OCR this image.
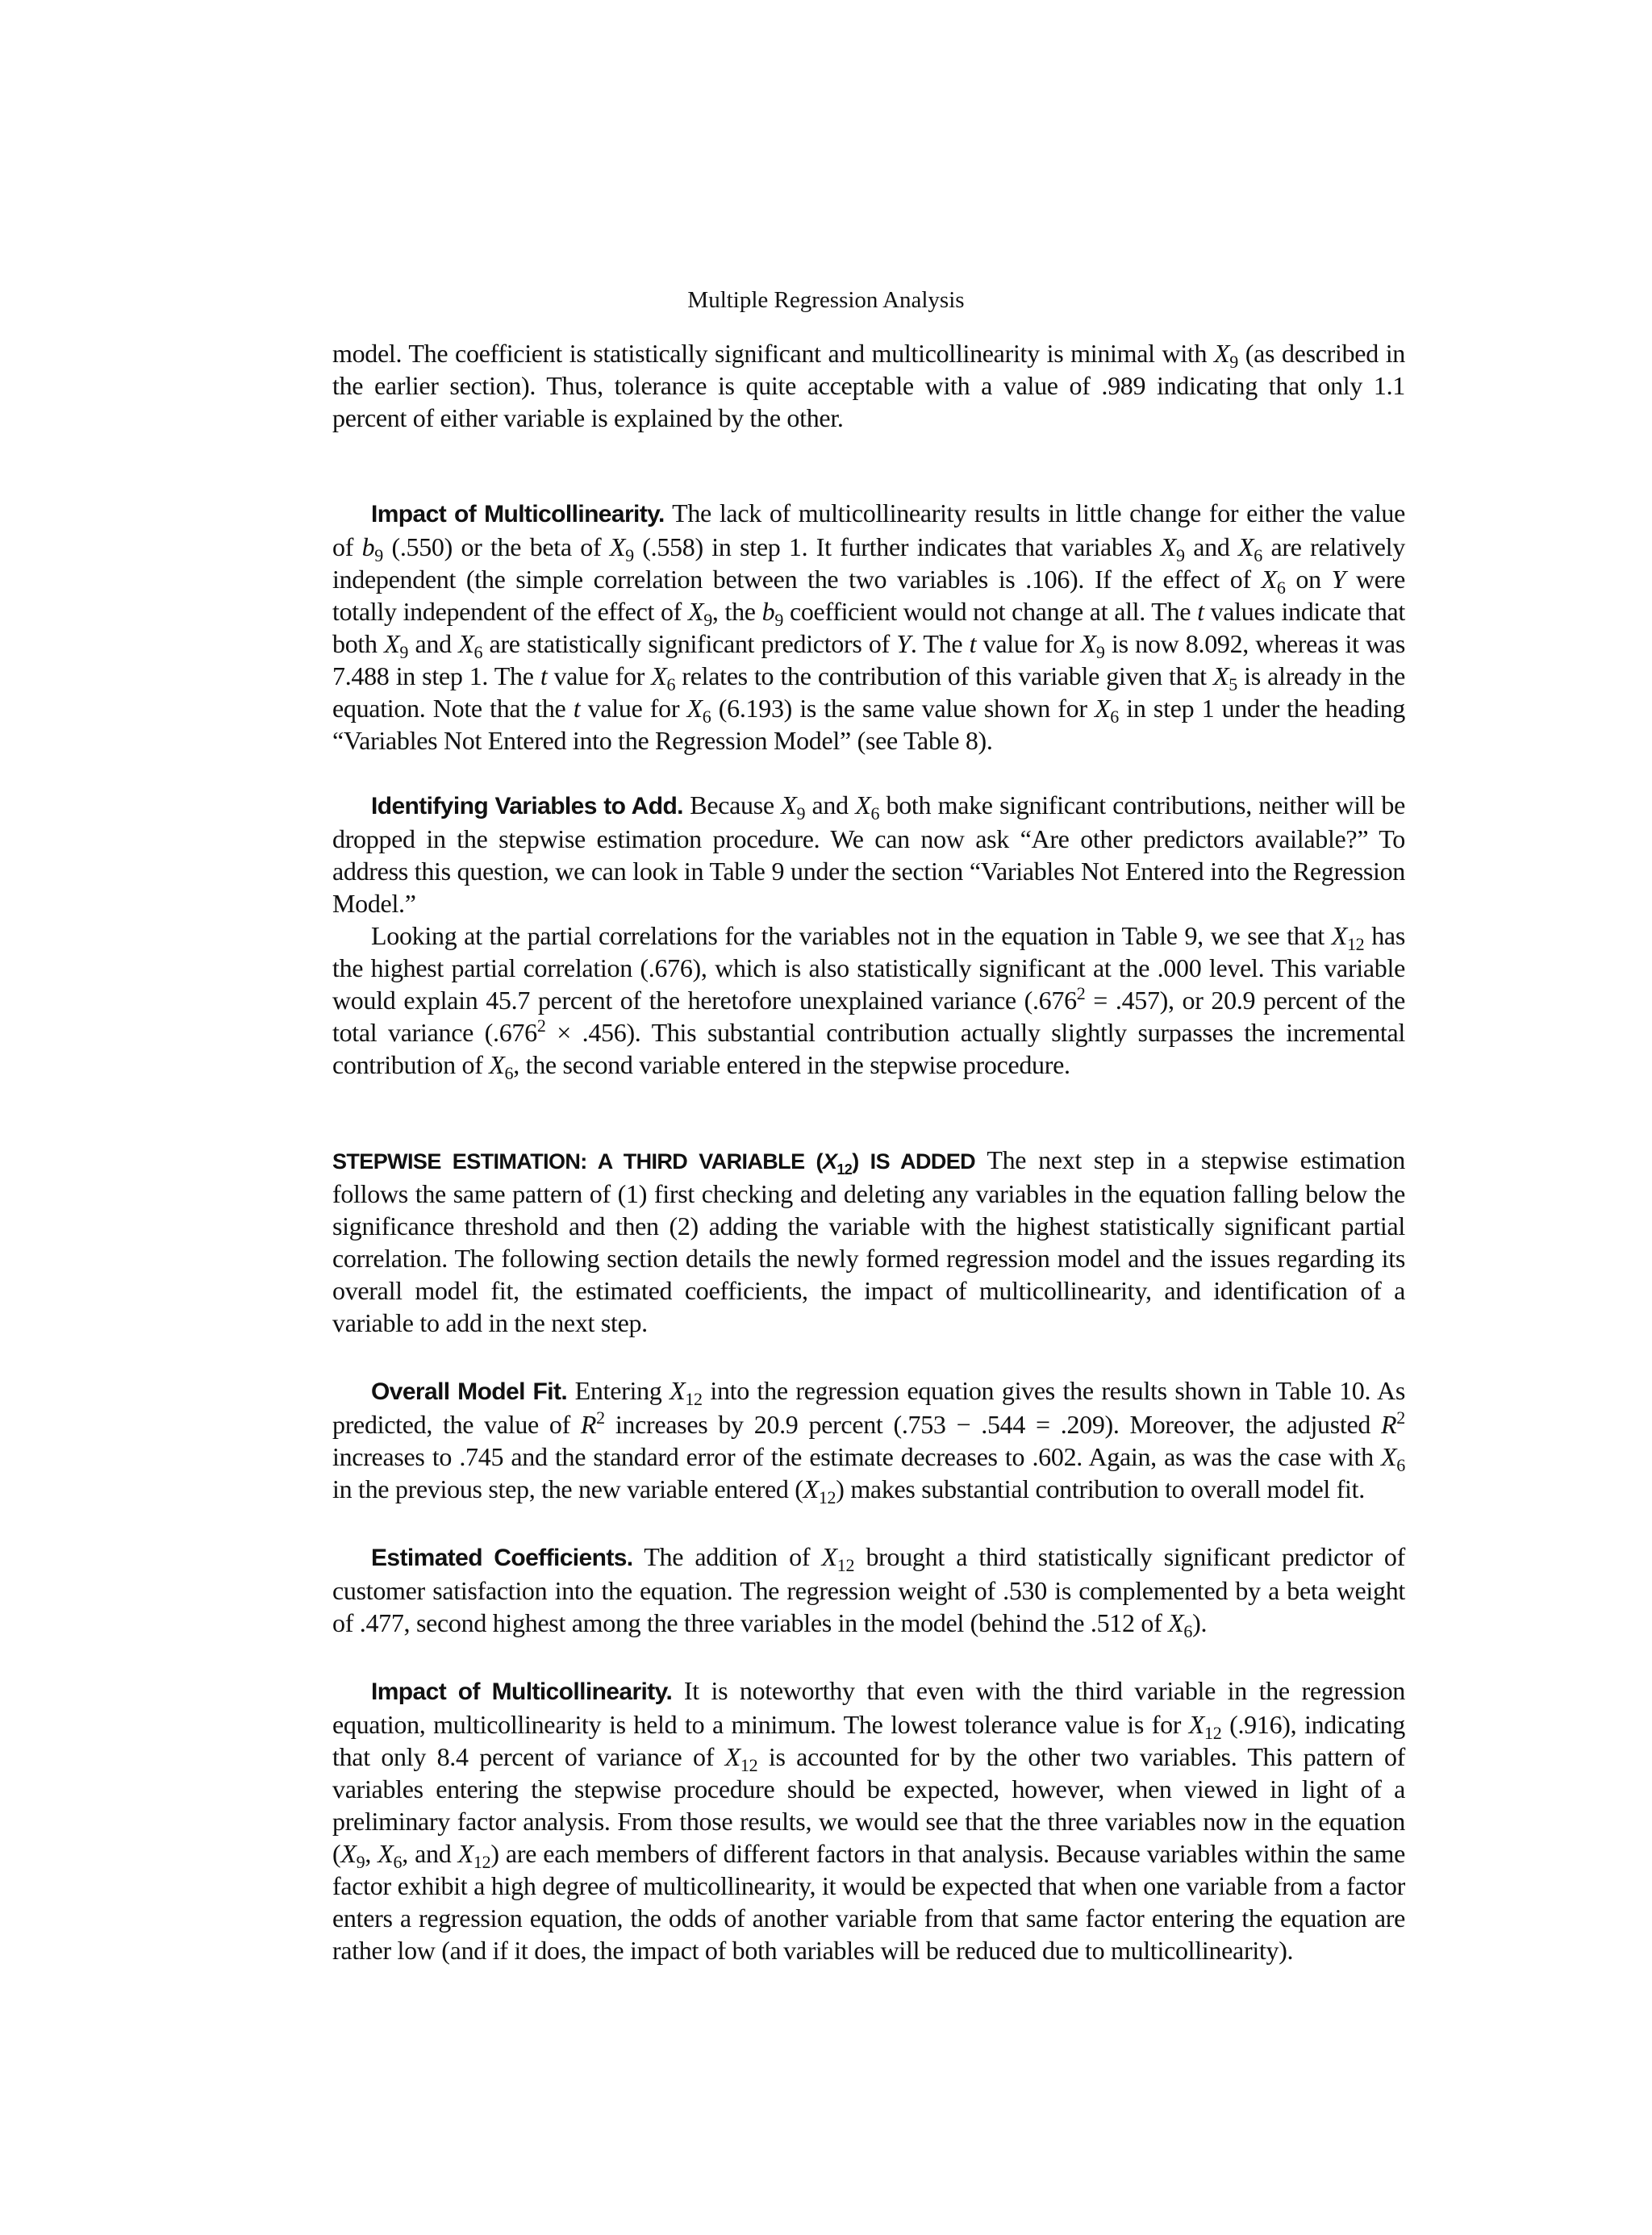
Multiple Regression Analysis

model. The coefficient is statistically significant and multicollinearity is minimal with $X_9$ (as described in the earlier section). Thus, tolerance is quite acceptable with a value of .989 indicating that only 1.1 percent of either variable is explained by the other.

Impact of Multicollinearity. The lack of multicollinearity results in little change for either the value of $b_9$ (.550) or the beta of $X_9$ (.558) in step 1. It further indicates that variables $X_9$ and $X_6$ are relatively independent (the simple correlation between the two variables is .106). If the effect of $X_6$ on Y were totally independent of the effect of $X_9$, the $b_9$ coefficient would not change at all. The t values indicate that both $X_9$ and $X_6$ are statistically significant predictors of Y. The t value for $X_9$ is now 8.092, whereas it was 7.488 in step 1. The t value for $X_6$ relates to the contribution of this variable given that $X_5$ is already in the equation. Note that the t value for $X_6$ (6.193) is the same value shown for $X_6$ in step 1 under the heading “Variables Not Entered into the Regression Model” (see Table 8).

Identifying Variables to Add. Because $X_9$ and $X_6$ both make significant contributions, neither will be dropped in the stepwise estimation procedure. We can now ask “Are other predictors available?” To address this question, we can look in Table 9 under the section “Variables Not Entered into the Regression Model.”

Looking at the partial correlations for the variables not in the equation in Table 9, we see that $X_{12}$ has the highest partial correlation (.676), which is also statistically significant at the .000 level. This variable would explain 45.7 percent of the heretofore unexplained variance $(.676^2 = .457)$, or 20.9 percent of the total variance $(.676^2 \times .456)$. This substantial contribution actually slightly surpasses the incremental contribution of $X_6$, the second variable entered in the stepwise procedure.

STEPWISE ESTIMATION: A THIRD VARIABLE $(X_{12})$ IS ADDED The next step in a stepwise estimation follows the same pattern of (1) first checking and deleting any variables in the equation falling below the significance threshold and then (2) adding the variable with the highest statistically significant partial correlation. The following section details the newly formed regression model and the issues regarding its overall model fit, the estimated coefficients, the impact of multicollinearity, and identification of a variable to add in the next step.

Overall Model Fit. Entering $X_{12}$ into the regression equation gives the results shown in Table 10. As predicted, the value of $R^2$ increases by 20.9 percent (.753 − .544 = .209). Moreover, the adjusted $R^2$ increases to .745 and the standard error of the estimate decreases to .602. Again, as was the case with $X_6$ in the previous step, the new variable entered $(X_{12})$ makes substantial contribution to overall model fit.

Estimated Coefficients. The addition of $X_{12}$ brought a third statistically significant predictor of customer satisfaction into the equation. The regression weight of .530 is complemented by a beta weight of .477, second highest among the three variables in the model (behind the .512 of $X_6$).

Impact of Multicollinearity. It is noteworthy that even with the third variable in the regression equation, multicollinearity is held to a minimum. The lowest tolerance value is for $X_{12}$ (.916), indicating that only 8.4 percent of variance of $X_{12}$ is accounted for by the other two variables. This pattern of variables entering the stepwise procedure should be expected, however, when viewed in light of a preliminary factor analysis. From those results, we would see that the three variables now in the equation ($X_9$, $X_6$, and $X_{12}$) are each members of different factors in that analysis. Because variables within the same factor exhibit a high degree of multicollinearity, it would be expected that when one variable from a factor enters a regression equation, the odds of another variable from that same factor entering the equation are rather low (and if it does, the impact of both variables will be reduced due to multicollinearity).
